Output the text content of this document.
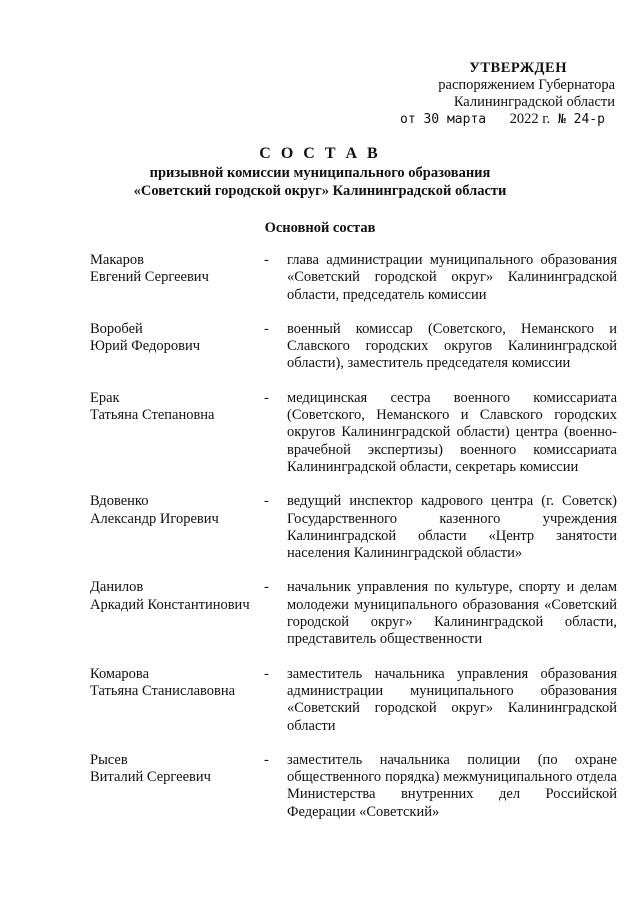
УТВЕРЖДЕН
распоряжением Губернатора
Калининградской области
от 30 марта 2022 г. № 24-р
С О С Т А В
призывной комиссии муниципального образования
«Советский городской округ» Калининградской области
Основной состав
Макаров
Евгений Сергеевич
-	глава администрации муниципального образования «Советский городской округ» Калининградской области, председатель комиссии
Воробей
Юрий Федорович
-	военный комиссар (Советского, Неманского и Славского городских округов Калининградской области), заместитель председателя комиссии
Ерак
Татьяна Степановна
-	медицинская сестра военного комиссариата (Советского, Неманского и Славского городских округов Калининградской области) центра (военно-врачебной экспертизы) военного комиссариата Калининградской области, секретарь комиссии
Вдовенко
Александр Игоревич
-	ведущий инспектор кадрового центра (г. Советск) Государственного казенного учреждения Калининградской области «Центр занятости населения Калининградской области»
Данилов
Аркадий Константинович
-	начальник управления по культуре, спорту и делам молодежи муниципального образования «Советский городской округ» Калининградской области, представитель общественности
Комарова
Татьяна Станиславовна
-	заместитель начальника управления образования администрации муниципального образования «Советский городской округ» Калининградской области
Рысев
Виталий Сергеевич
-	заместитель начальника полиции (по охране общественного порядка) межмуниципального отдела Министерства внутренних дел Российской Федерации «Советский»
